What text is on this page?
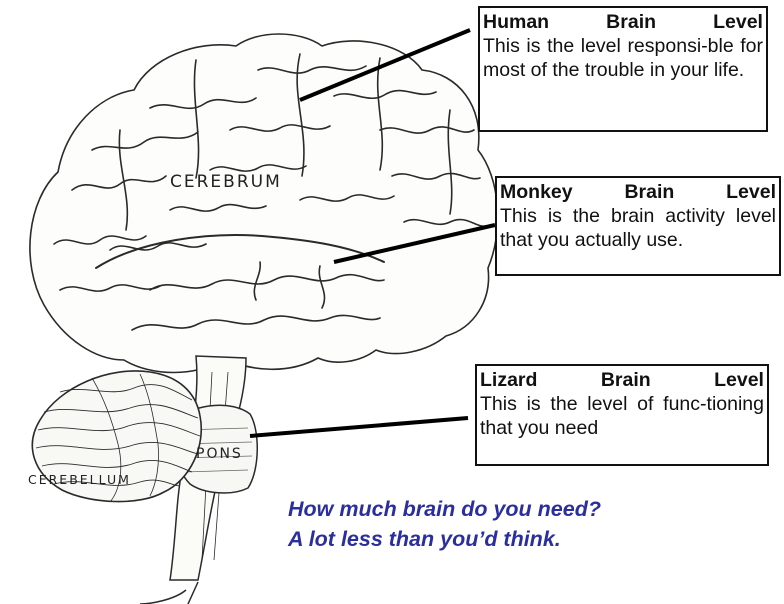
CEREBRUM
PONS
CEREBELLUM
Human	Brain	Level
This is the level responsi-ble for most of the trouble in your life.
Monkey	Brain	Level
This is the brain activity level that you actually use.
Lizard	Brain	Level
This is the level of func-tioning that you need
How much brain do you need?
A lot less than you’d think.
